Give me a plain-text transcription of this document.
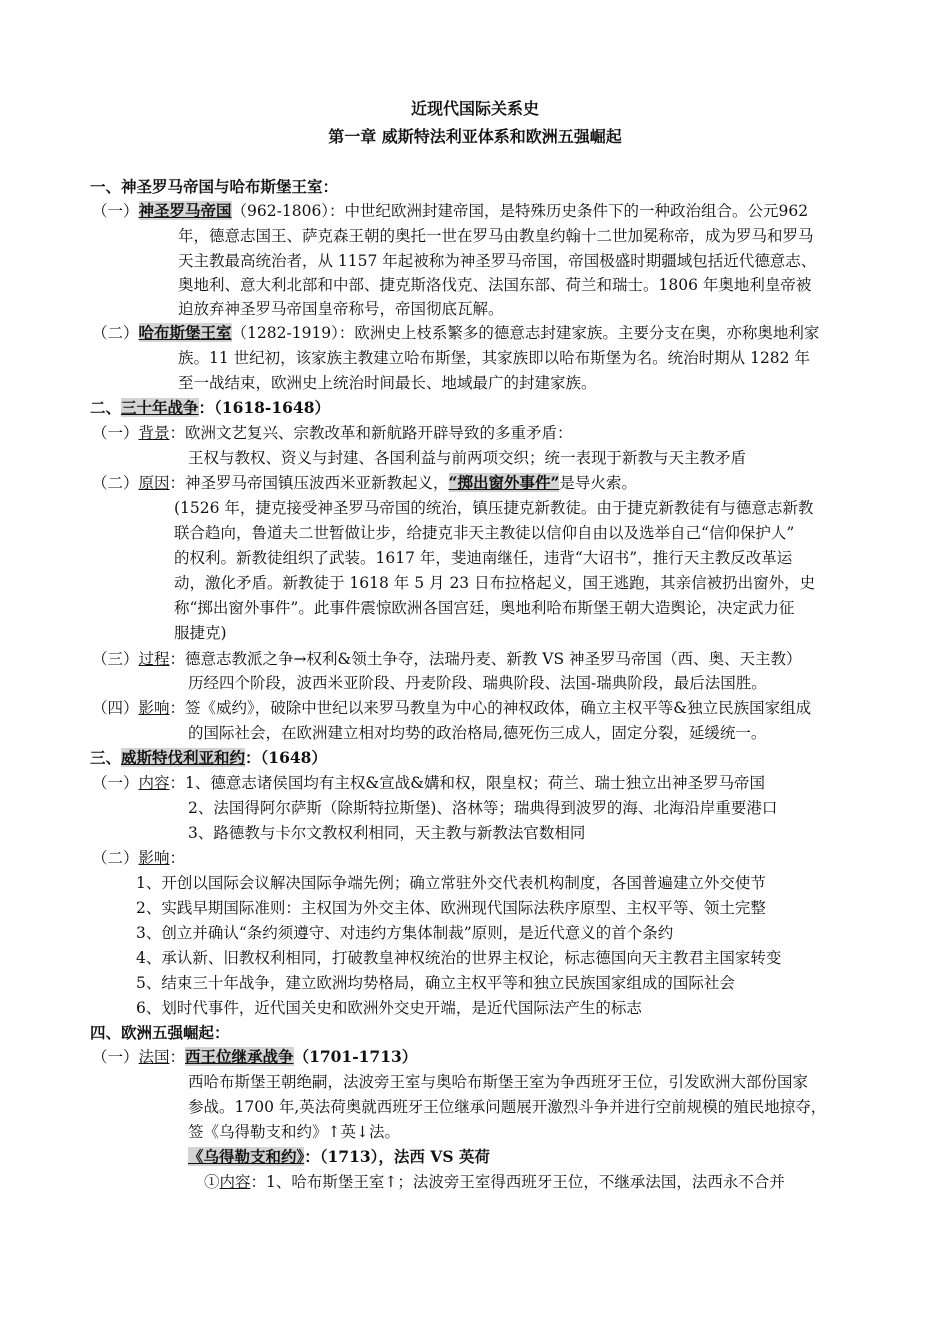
近现代国际关系史
第一章 威斯特法利亚体系和欧洲五强崛起
一、神圣罗马帝国与哈布斯堡王室：
（一）神圣罗马帝国（962-1806）：中世纪欧洲封建帝国，是特殊历史条件下的一种政治组合。公元962
年，德意志国王、萨克森王朝的奥托一世在罗马由教皇约翰十二世加冕称帝，成为罗马和罗马
天主教最高统治者，从 1157 年起被称为神圣罗马帝国，帝国极盛时期疆域包括近代德意志、
奥地利、意大利北部和中部、捷克斯洛伐克、法国东部、荷兰和瑞士。1806 年奥地利皇帝被
迫放弃神圣罗马帝国皇帝称号，帝国彻底瓦解。
（二）哈布斯堡王室（1282-1919）：欧洲史上枝系繁多的德意志封建家族。主要分支在奥，亦称奥地利家
族。11 世纪初，该家族主教建立哈布斯堡，其家族即以哈布斯堡为名。统治时期从 1282 年
至一战结束，欧洲史上统治时间最长、地域最广的封建家族。
二、三十年战争：（1618-1648）
（一）背景：欧洲文艺复兴、宗教改革和新航路开辟导致的多重矛盾：
王权与教权、资义与封建、各国利益与前两项交织；统一表现于新教与天主教矛盾
（二）原因：神圣罗马帝国镇压波西米亚新教起义，“掷出窗外事件”是导火索。
(1526 年，捷克接受神圣罗马帝国的统治，镇压捷克新教徒。由于捷克新教徒有与德意志新教
联合趋向，鲁道夫二世暂做让步，给捷克非天主教徒以信仰自由以及选举自己“信仰保护人”
的权利。新教徒组织了武装。1617 年，斐迪南继任，违背“大诏书”，推行天主教反改革运
动，激化矛盾。新教徒于 1618 年 5 月 23 日布拉格起义，国王逃跑，其亲信被扔出窗外，史
称“掷出窗外事件”。此事件震惊欧洲各国宫廷，奥地利哈布斯堡王朝大造舆论，决定武力征
服捷克)
（三）过程：德意志教派之争→权利&领土争夺，法瑞丹麦、新教 VS 神圣罗马帝国（西、奥、天主教）
历经四个阶段，波西米亚阶段、丹麦阶段、瑞典阶段、法国-瑞典阶段，最后法国胜。
（四）影响：签《威约》，破除中世纪以来罗马教皇为中心的神权政体，确立主权平等&独立民族国家组成
的国际社会，在欧洲建立相对均势的政治格局,德死伤三成人，固定分裂，延缓统一。
三、威斯特伐利亚和约：（1648）
（一）内容：1、德意志诸侯国均有主权&宣战&媾和权，限皇权；荷兰、瑞士独立出神圣罗马帝国
2、法国得阿尔萨斯（除斯特拉斯堡)、洛林等；瑞典得到波罗的海、北海沿岸重要港口
3、路德教与卡尔文教权利相同，天主教与新教法官数相同
（二）影响：
1、开创以国际会议解决国际争端先例；确立常驻外交代表机构制度，各国普遍建立外交使节
2、实践早期国际准则：主权国为外交主体、欧洲现代国际法秩序原型、主权平等、领土完整
3、创立并确认“条约须遵守、对违约方集体制裁”原则，是近代意义的首个条约
4、承认新、旧教权利相同，打破教皇神权统治的世界主权论，标志德国向天主教君主国家转变
5、结束三十年战争，建立欧洲均势格局，确立主权平等和独立民族国家组成的国际社会
6、划时代事件，近代国关史和欧洲外交史开端，是近代国际法产生的标志
四、欧洲五强崛起：
（一）法国：西王位继承战争（1701-1713）
西哈布斯堡王朝绝嗣，法波旁王室与奥哈布斯堡王室为争西班牙王位，引发欧洲大部份国家
参战。1700 年,英法荷奥就西班牙王位继承问题展开激烈斗争并进行空前规模的殖民地掠夺，
签《乌得勒支和约》↑英↓法。
《乌得勒支和约》：（1713），法西 VS 英荷
①内容：1、哈布斯堡王室↑；法波旁王室得西班牙王位，不继承法国，法西永不合并
